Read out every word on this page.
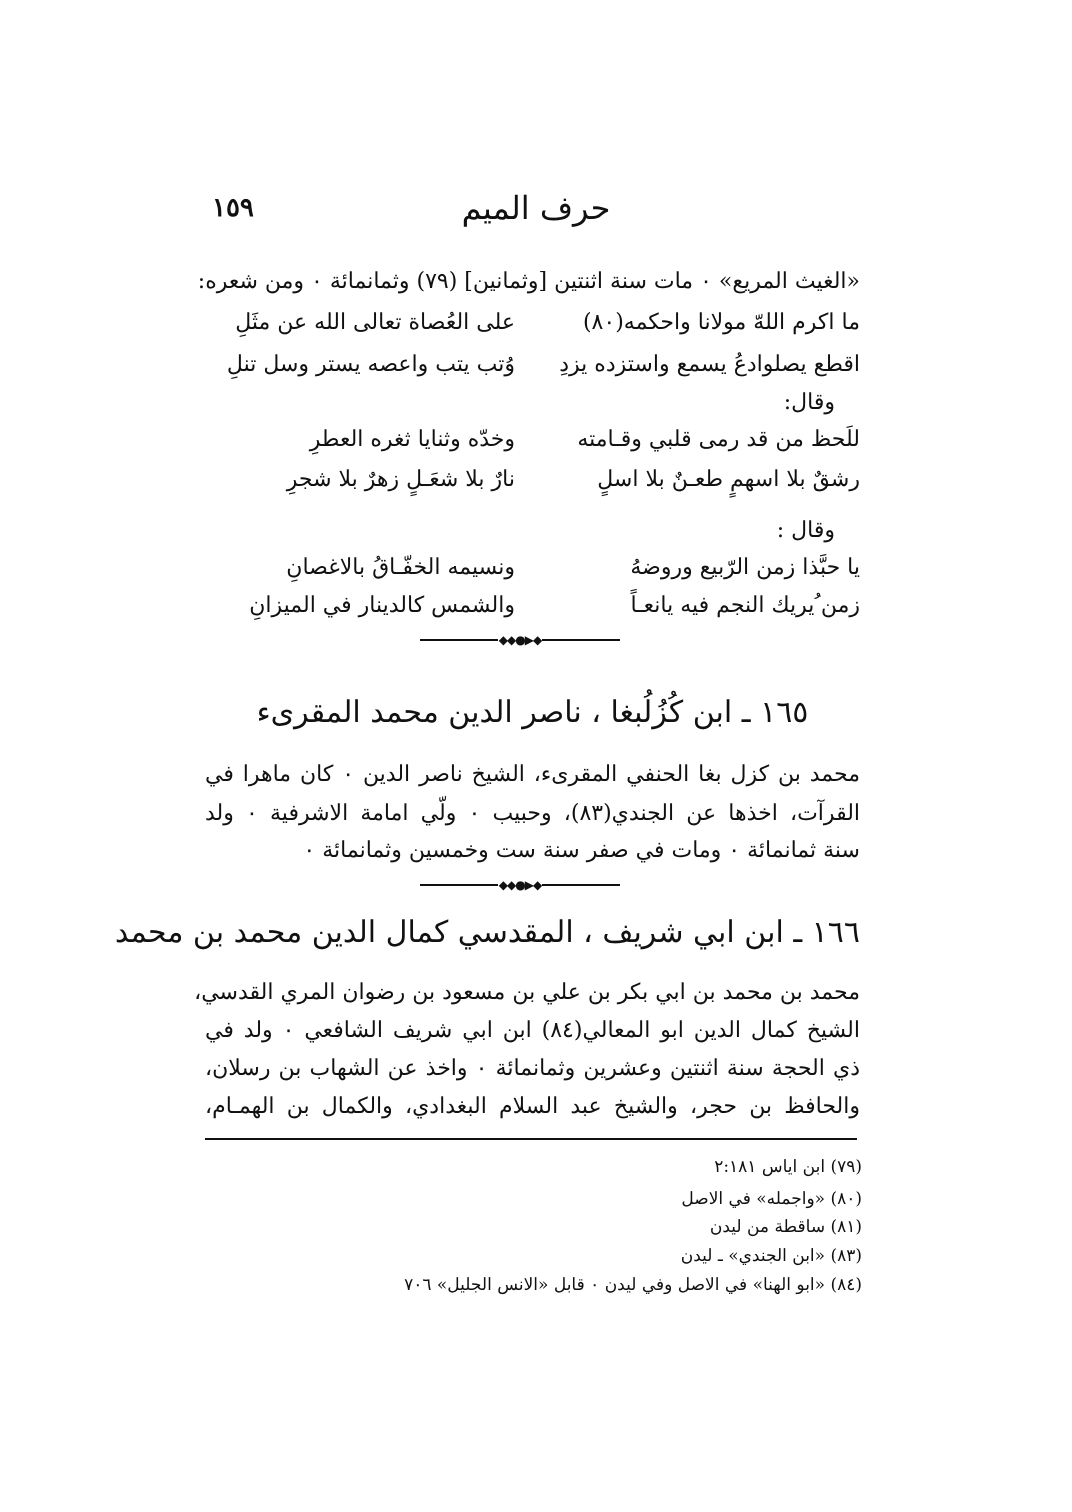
حرف الميم
١٥٩
«الغيث المريع» ٠ مات سنة اثنتين [وثمانين] (٧٩) وثمانمائة ٠ ومن شعره:
ما اكرم اللهّ مولانا واحكمه(٨٠)
على العُصاة تعالى الله عن مثَلِ
اقطع يصلوادعُ يسمع واستزده يزدِ
وُتب يتب واعصه يستر وسل تنلِ
وقال:
للَحظ من قد رمى قلبي وقـامته
وخدّه وثنايا ثغره العطرِ
رشقٌ بلا اسهمٍ طعـنٌ بلا اسلٍ
نارٌ بلا شعَـلٍ زهرٌ بلا شجرِ
وقال :
يا حبَّذا زمن الرّبيع وروضهُ
ونسيمه الخفّـاقُ بالاغصانِ
زمن ُيريك النجم فيه يانعـاً
والشمس كالدينار في الميزانِ
◆◆●▶◆
١٦٥ ـ ابن كُزُلُبغا ، ناصر الدين محمد المقرىء
محمد بن كزل بغا الحنفي المقرىء، الشيخ ناصر الدين ٠ كان ماهرا في
القرآت، اخذها عن الجندي(٨٣)، وحبيب ٠ ولّي امامة الاشرفية ٠ ولد
سنة ثمانمائة ٠ ومات في صفر سنة ست وخمسين وثمانمائة ٠
◆◆●▶◆
١٦٦ ـ ابن ابي شريف ، المقدسي كمال الدين محمد بن محمد
محمد بن محمد بن ابي بكر بن علي بن مسعود بن رضوان المري القدسي،
الشيخ كمال الدين ابو المعالي(٨٤) ابن ابي شريف الشافعي ٠ ولد في
ذي الحجة سنة اثنتين وعشرين وثمانمائة ٠ واخذ عن الشهاب بن رسلان،
والحافظ بن حجر، والشيخ عبد السلام البغدادي، والكمال بن الهمـام،
(٧٩) ابن اياس ٢:١٨١
(٨٠) «واجمله» في الاصل
(٨١) ساقطة من ليدن
(٨٣) «ابن الجندي» ـ ليدن
(٨٤) «ابو الهنا» في الاصل وفي ليدن ٠ قابل «الانس الجليل» ٧٠٦
